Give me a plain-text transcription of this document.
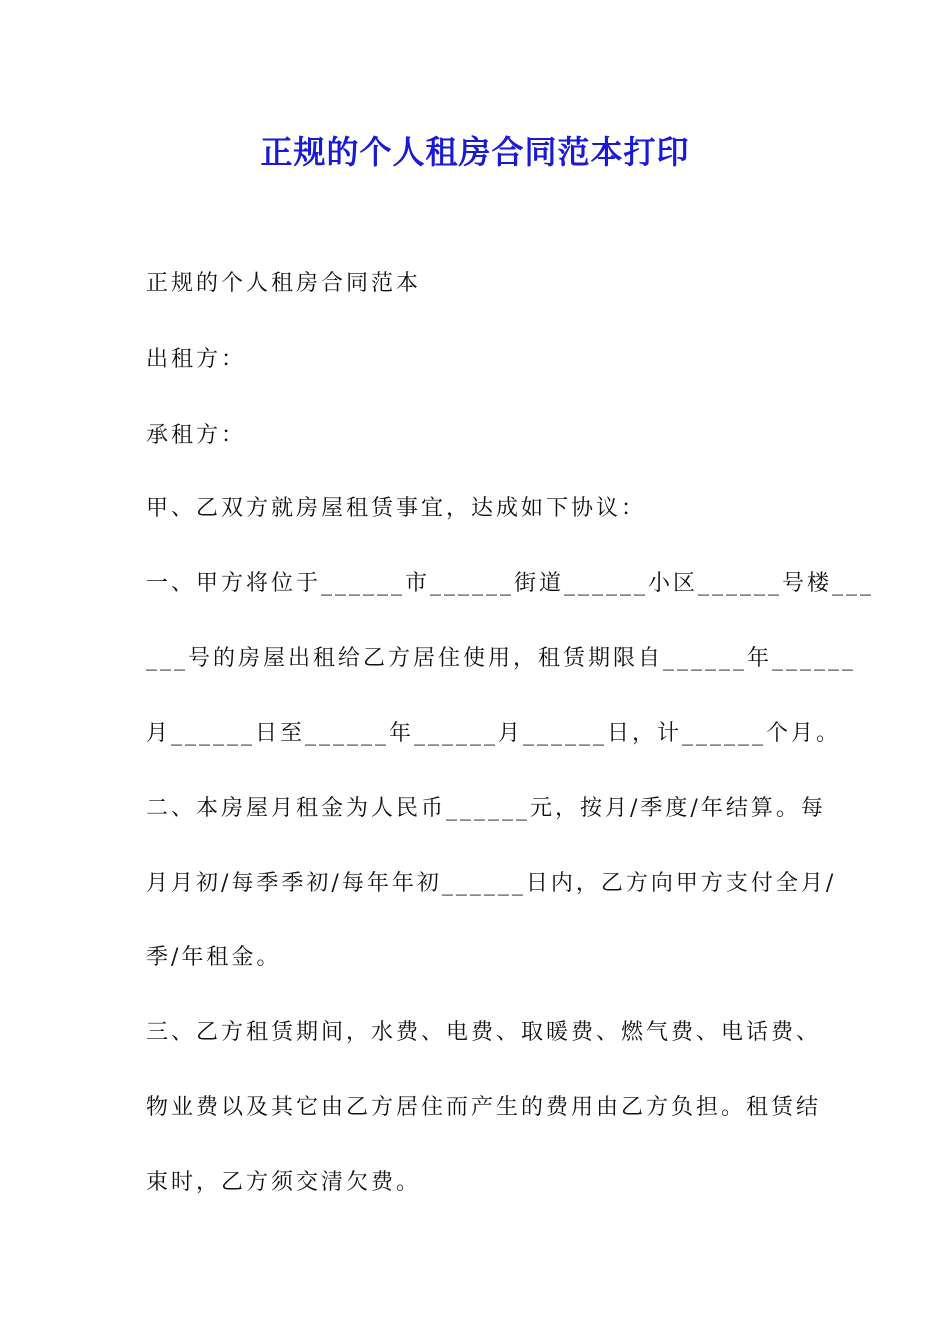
正规的个人租房合同范本打印
正规的个人租房合同范本
出租方：
承租方：
甲、乙双方就房屋租赁事宜，达成如下协议：
一、甲方将位于______市______街道______小区______号楼___
___号的房屋出租给乙方居住使用，租赁期限自______年______
月______日至______年______月______日，计______个月。
二、本房屋月租金为人民币______元，按月/季度/年结算。每
月月初/每季季初/每年年初______日内，乙方向甲方支付全月/
季/年租金。
三、乙方租赁期间，水费、电费、取暖费、燃气费、电话费、
物业费以及其它由乙方居住而产生的费用由乙方负担。租赁结
束时，乙方须交清欠费。
